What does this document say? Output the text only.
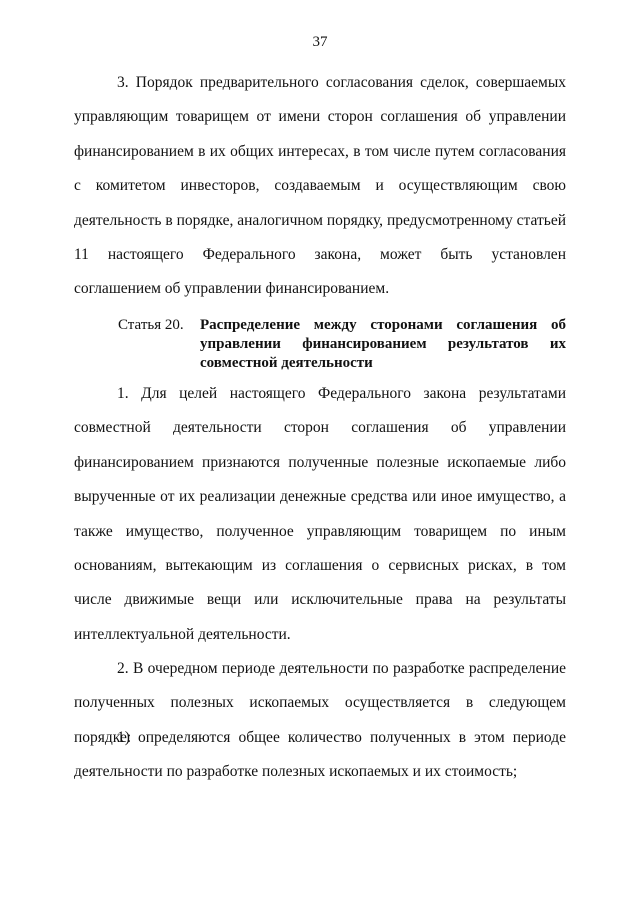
37

3. Порядок предварительного согласования сделок, совершаемых управляющим товарищем от имени сторон соглашения об управлении финансированием в их общих интересах, в том числе путем согласования с комитетом инвесторов, создаваемым и осуществляющим свою деятельность в порядке, аналогичном порядку, предусмотренному статьей 11 настоящего Федерального закона, может быть установлен соглашением об управлении финансированием.

Статья 20. Распределение между сторонами соглашения об управлении финансированием результатов их совместной деятельности

1. Для целей настоящего Федерального закона результатами совместной деятельности сторон соглашения об управлении финансированием признаются полученные полезные ископаемые либо вырученные от их реализации денежные средства или иное имущество, а также имущество, полученное управляющим товарищем по иным основаниям, вытекающим из соглашения о сервисных рисках, в том числе движимые вещи или исключительные права на результаты интеллектуальной деятельности.

2. В очередном периоде деятельности по разработке распределение полученных полезных ископаемых осуществляется в следующем порядке:

1) определяются общее количество полученных в этом периоде деятельности по разработке полезных ископаемых и их стоимость;
